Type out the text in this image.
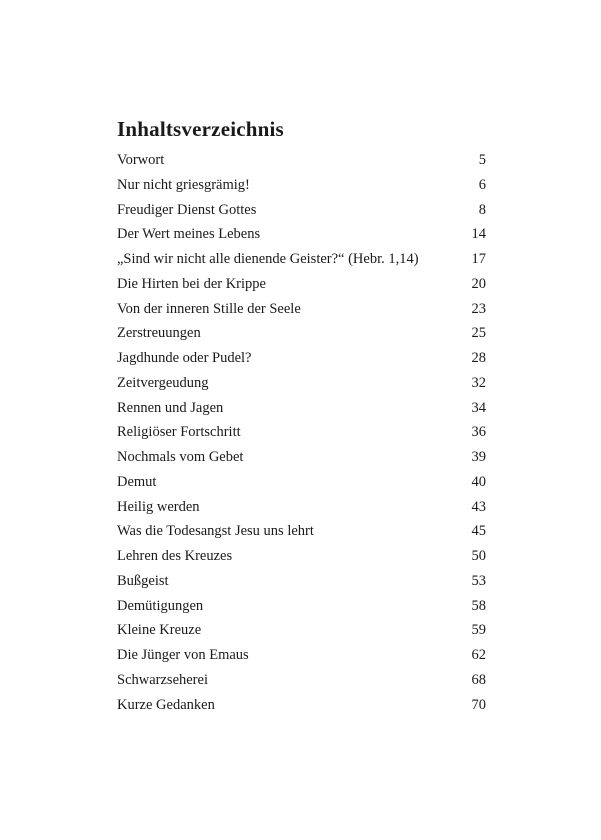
Inhaltsverzeichnis
Vorwort	5
Nur nicht griesgrämig!	6
Freudiger Dienst Gottes	8
Der Wert meines Lebens	14
„Sind wir nicht alle dienende Geister?“ (Hebr. 1,14)	17
Die Hirten bei der Krippe	20
Von der inneren Stille der Seele	23
Zerstreuungen	25
Jagdhunde oder Pudel?	28
Zeitvergeudung	32
Rennen und Jagen	34
Religiöser Fortschritt	36
Nochmals vom Gebet	39
Demut	40
Heilig werden	43
Was die Todesangst Jesu uns lehrt	45
Lehren des Kreuzes	50
Bußgeist	53
Demütigungen	58
Kleine Kreuze	59
Die Jünger von Emaus	62
Schwarzseherei	68
Kurze Gedanken	70
